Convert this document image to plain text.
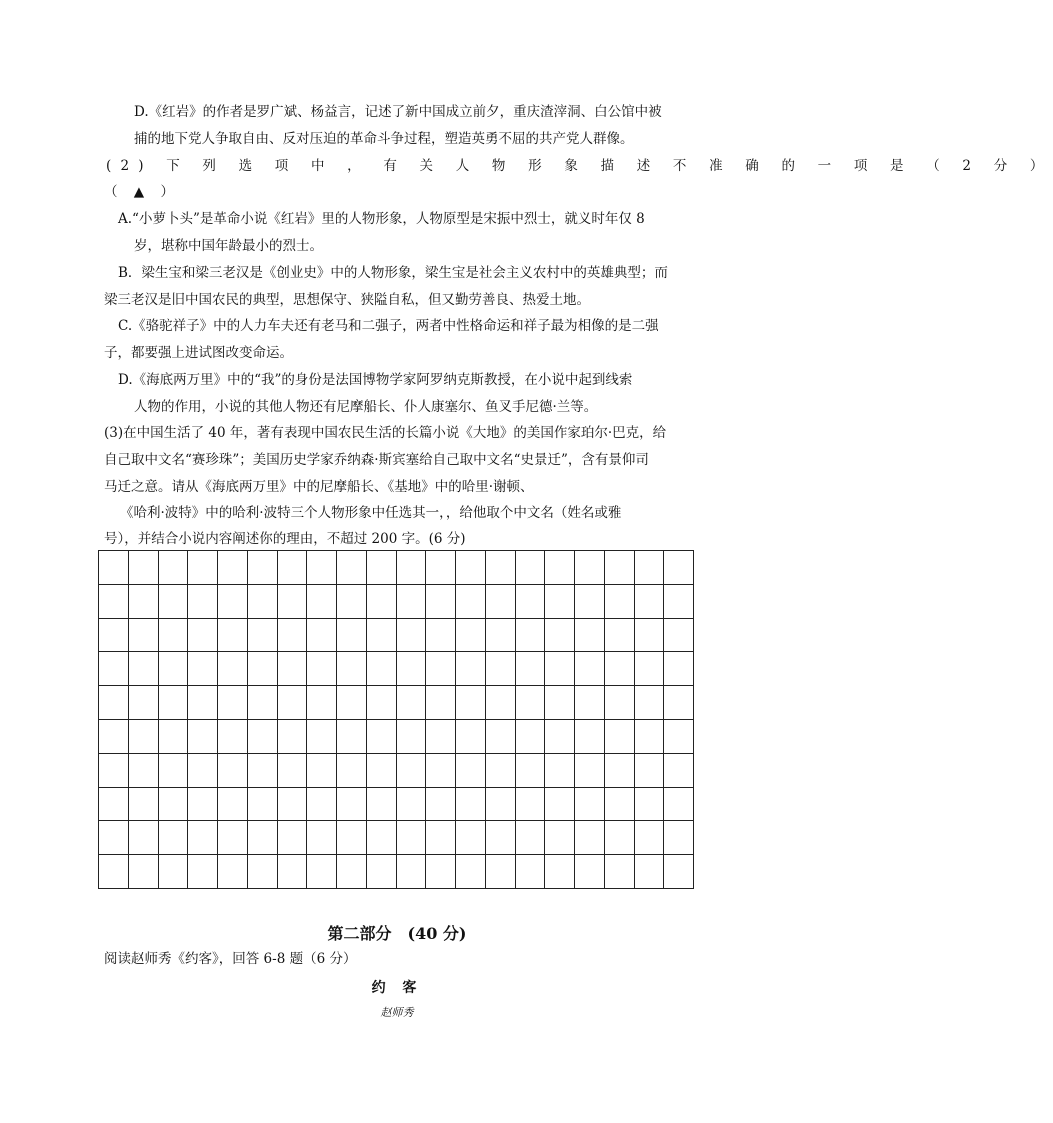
D.《红岩》的作者是罗广斌、杨益言，记述了新中国成立前夕，重庆渣滓洞、白公馆中被
捕的地下党人争取自由、反对压迫的革命斗争过程，塑造英勇不屈的共产党人群像。
(2) 下 列 选 项 中 ， 有 关 人 物 形 象 描 述 不 准 确 的 一 项 是 （ 2 分 ）
（ ▲ ）
A.“小萝卜头”是革命小说《红岩》里的人物形象，人物原型是宋振中烈士，就义时年仅 8
岁，堪称中国年龄最小的烈士。
B．梁生宝和梁三老汉是《创业史》中的人物形象，梁生宝是社会主义农村中的英雄典型；而
梁三老汉是旧中国农民的典型，思想保守、狭隘自私，但又勤劳善良、热爱土地。
C.《骆驼祥子》中的人力车夫还有老马和二强子，两者中性格命运和祥子最为相像的是二强
子，都要强上进试图改变命运。
D.《海底两万里》中的“我”的身份是法国博物学家阿罗纳克斯教授，在小说中起到线索
人物的作用，小说的其他人物还有尼摩船长、仆人康塞尔、鱼叉手尼德·兰等。
(3)在中国生活了 40 年，著有表现中国农民生活的长篇小说《大地》的美国作家珀尔·巴克，给
自己取中文名“赛珍珠”；美国历史学家乔纳森·斯宾塞给自己取中文名“史景迁”，含有景仰司
马迁之意。请从《海底两万里》中的尼摩船长、《基地》中的哈里·谢顿、
《哈利·波特》中的哈利·波特三个人物形象中任选其一，，给他取个中文名（姓名或雅
号），并结合小说内容阐述你的理由，不超过 200 字。(6 分)
第二部分　(40 分)
阅读赵师秀《约客》，回答 6-8 题（6 分）
约 客
赵师秀
